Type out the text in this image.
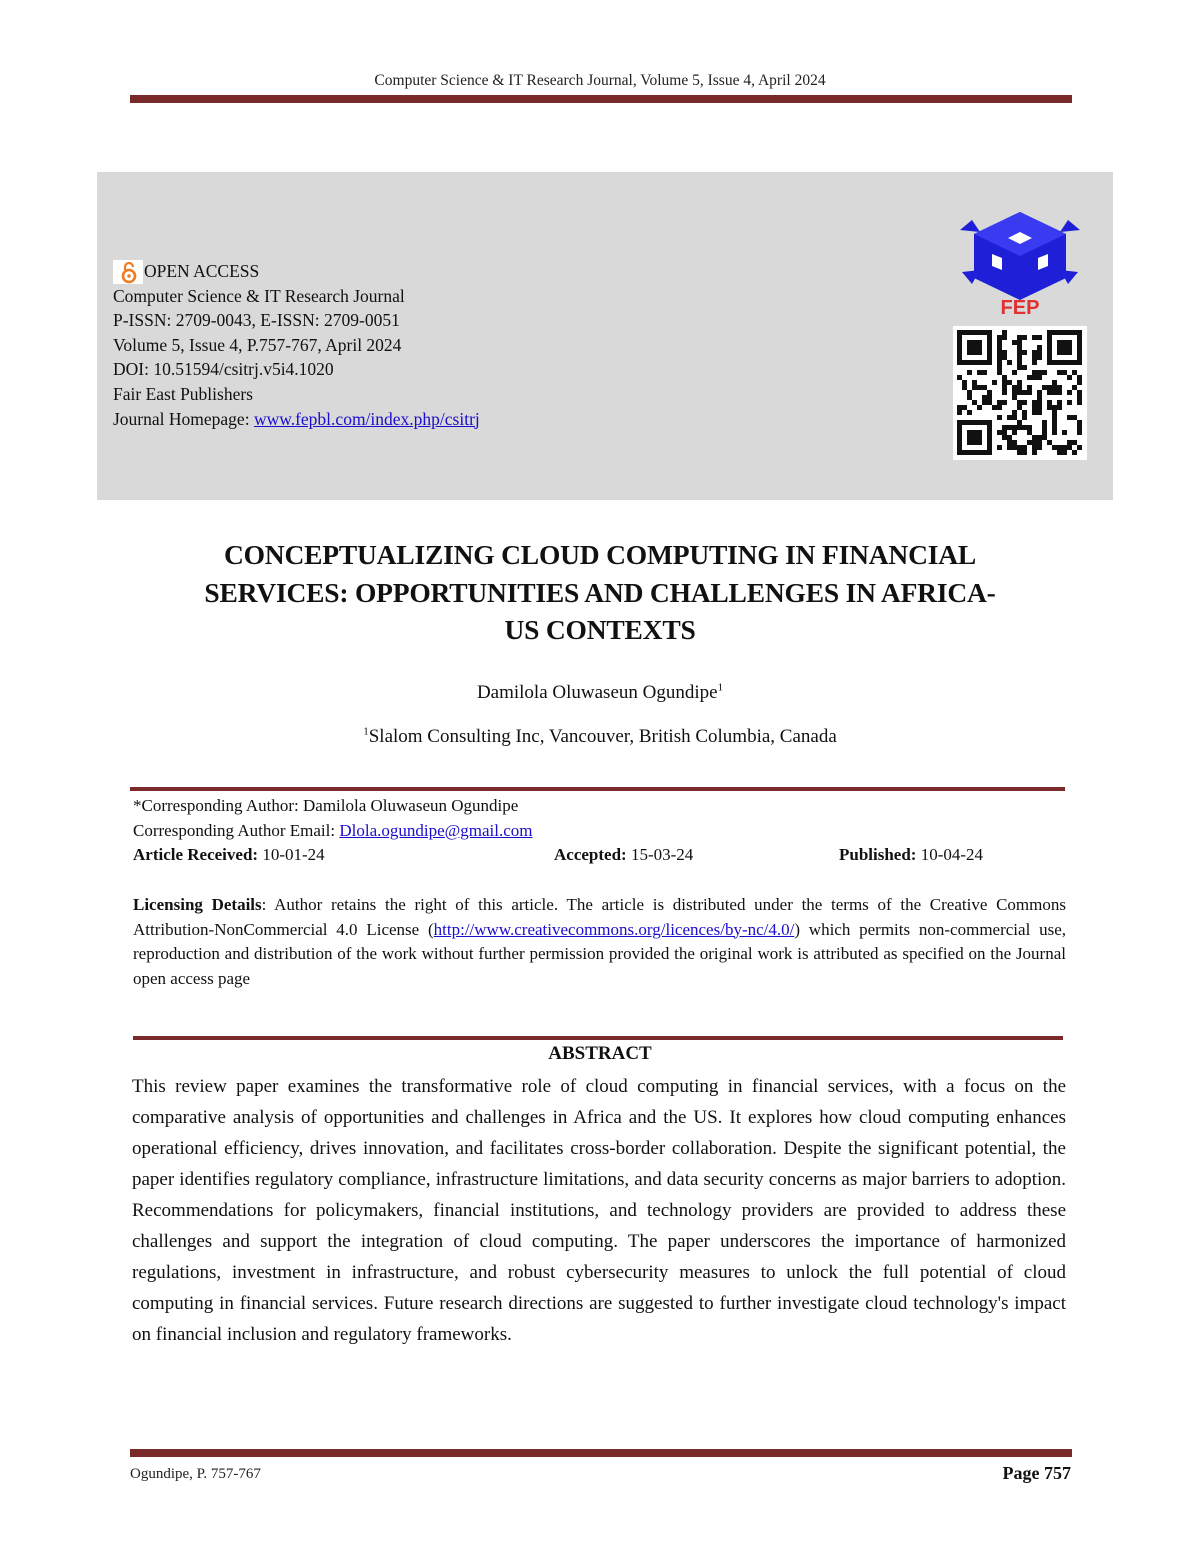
Computer Science & IT Research Journal, Volume 5, Issue 4, April 2024
OPEN ACCESS
Computer Science & IT Research Journal
P-ISSN: 2709-0043, E-ISSN: 2709-0051
Volume 5, Issue 4, P.757-767, April 2024
DOI: 10.51594/csitrj.v5i4.1020
Fair East Publishers
Journal Homepage: www.fepbl.com/index.php/csitrj
FEP
CONCEPTUALIZING CLOUD COMPUTING IN FINANCIAL
SERVICES: OPPORTUNITIES AND CHALLENGES IN AFRICA-
US CONTEXTS
Damilola Oluwaseun Ogundipe$^1$
$^1$Slalom Consulting Inc, Vancouver, British Columbia, Canada
*Corresponding Author: Damilola Oluwaseun Ogundipe
Corresponding Author Email: Dlola.ogundipe@gmail.com
Article Received: 10-01-24	Accepted: 15-03-24	Published: 10-04-24
Licensing Details: Author retains the right of this article. The article is distributed under the terms of the Creative Commons Attribution-NonCommercial 4.0 License (http://www.creativecommons.org/licences/by-nc/4.0/) which permits non-commercial use, reproduction and distribution of the work without further permission provided the original work is attributed as specified on the Journal open access page
ABSTRACT
This review paper examines the transformative role of cloud computing in financial services, with a focus on the comparative analysis of opportunities and challenges in Africa and the US. It explores how cloud computing enhances operational efficiency, drives innovation, and facilitates cross-border collaboration. Despite the significant potential, the paper identifies regulatory compliance, infrastructure limitations, and data security concerns as major barriers to adoption. Recommendations for policymakers, financial institutions, and technology providers are provided to address these challenges and support the integration of cloud computing. The paper underscores the importance of harmonized regulations, investment in infrastructure, and robust cybersecurity measures to unlock the full potential of cloud computing in financial services. Future research directions are suggested to further investigate cloud technology's impact on financial inclusion and regulatory frameworks.
Ogundipe, P. 757-767	Page 757
